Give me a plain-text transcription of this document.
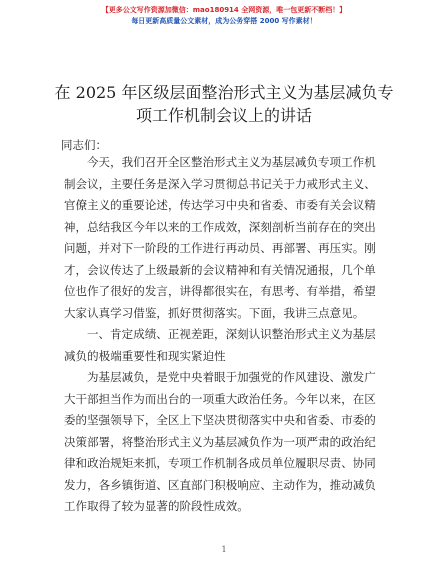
【更多公文写作资源加微信：mao180914 全网资源，唯一包更新不断档！】
每日更新高质量公文素材，成为公务穿搭 2000 写作素材！
在 2025 年区级层面整治形式主义为基层减负专
项工作机制会议上的讲话
同志们：
今天，我们召开全区整治形式主义为基层减负专项工作机
制会议，主要任务是深入学习贯彻总书记关于力戒形式主义、
官僚主义的重要论述，传达学习中央和省委、市委有关会议精
神，总结我区今年以来的工作成效，深刻剖析当前存在的突出
问题，并对下一阶段的工作进行再动员、再部署、再压实。刚
才，会议传达了上级最新的会议精神和有关情况通报，几个单
位也作了很好的发言，讲得都很实在，有思考、有举措，希望
大家认真学习借鉴，抓好贯彻落实。下面，我讲三点意见。
一、肯定成绩、正视差距，深刻认识整治形式主义为基层
减负的极端重要性和现实紧迫性
为基层减负，是党中央着眼于加强党的作风建设、激发广
大干部担当作为而出台的一项重大政治任务。今年以来，在区
委的坚强领导下，全区上下坚决贯彻落实中央和省委、市委的
决策部署，将整治形式主义为基层减负作为一项严肃的政治纪
律和政治规矩来抓，专项工作机制各成员单位履职尽责、协同
发力，各乡镇街道、区直部门积极响应、主动作为，推动减负
工作取得了较为显著的阶段性成效。
1
